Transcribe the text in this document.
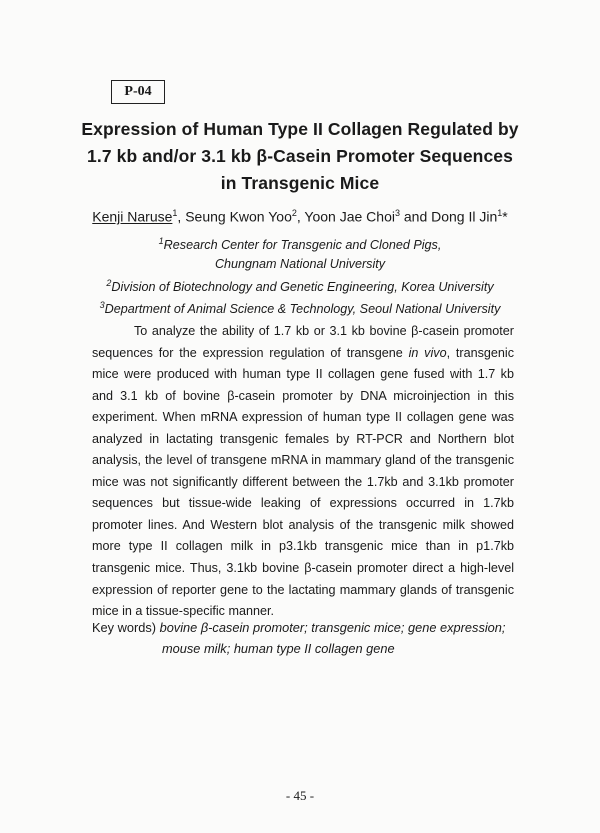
P-04
Expression of Human Type II Collagen Regulated by
1.7 kb and/or 3.1 kb β-Casein Promoter Sequences
in Transgenic Mice
Kenji Naruse$^1$, Seung Kwon Yoo$^2$, Yoon Jae Choi$^3$ and Dong Il Jin$^1$*
$^1$Research Center for Transgenic and Cloned Pigs,
Chungnam National University
$^2$Division of Biotechnology and Genetic Engineering, Korea University
$^3$Department of Animal Science & Technology, Seoul National University

To analyze the ability of 1.7 kb or 3.1 kb bovine β-casein promoter sequences for the expression regulation of transgene in vivo, transgenic mice were produced with human type II collagen gene fused with 1.7 kb and 3.1 kb of bovine β-casein promoter by DNA microinjection in this experiment. When mRNA expression of human type II collagen gene was analyzed in lactating transgenic females by RT-PCR and Northern blot analysis, the level of transgene mRNA in mammary gland of the transgenic mice was not significantly different between the 1.7kb and 3.1kb promoter sequences but tissue-wide leaking of expressions occurred in 1.7kb promoter lines. And Western blot analysis of the transgenic milk showed more type II collagen milk in p3.1kb transgenic mice than in p1.7kb transgenic mice. Thus, 3.1kb bovine β-casein promoter direct a high-level expression of reporter gene to the lactating mammary glands of transgenic mice in a tissue-specific manner.

Key words) bovine β-casein promoter; transgenic mice; gene expression;
mouse milk; human type II collagen gene
- 45 -
